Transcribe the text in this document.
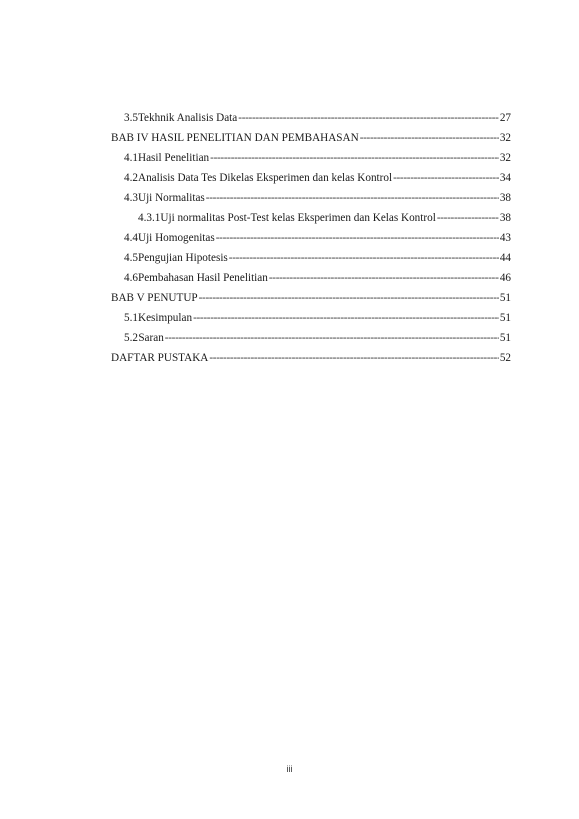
3.5 Tekhnik Analisis Data -----	27
BAB IV HASIL PENELITIAN DAN PEMBAHASAN -----	32
4.1 Hasil Penelitian -----	32
4.2 Analisis Data Tes Dikelas Eksperimen dan kelas Kontrol -----	34
4.3 Uji Normalitas -----	38
4.3.1 Uji normalitas Post-Test kelas Eksperimen dan Kelas Kontrol -----	38
4.4 Uji Homogenitas -----	43
4.5 Pengujian Hipotesis -----	44
4.6 Pembahasan Hasil Penelitian -----	46
BAB V PENUTUP -----	51
5.1 Kesimpulan -----	51
5.2 Saran -----	51
DAFTAR PUSTAKA -----	52
iii
